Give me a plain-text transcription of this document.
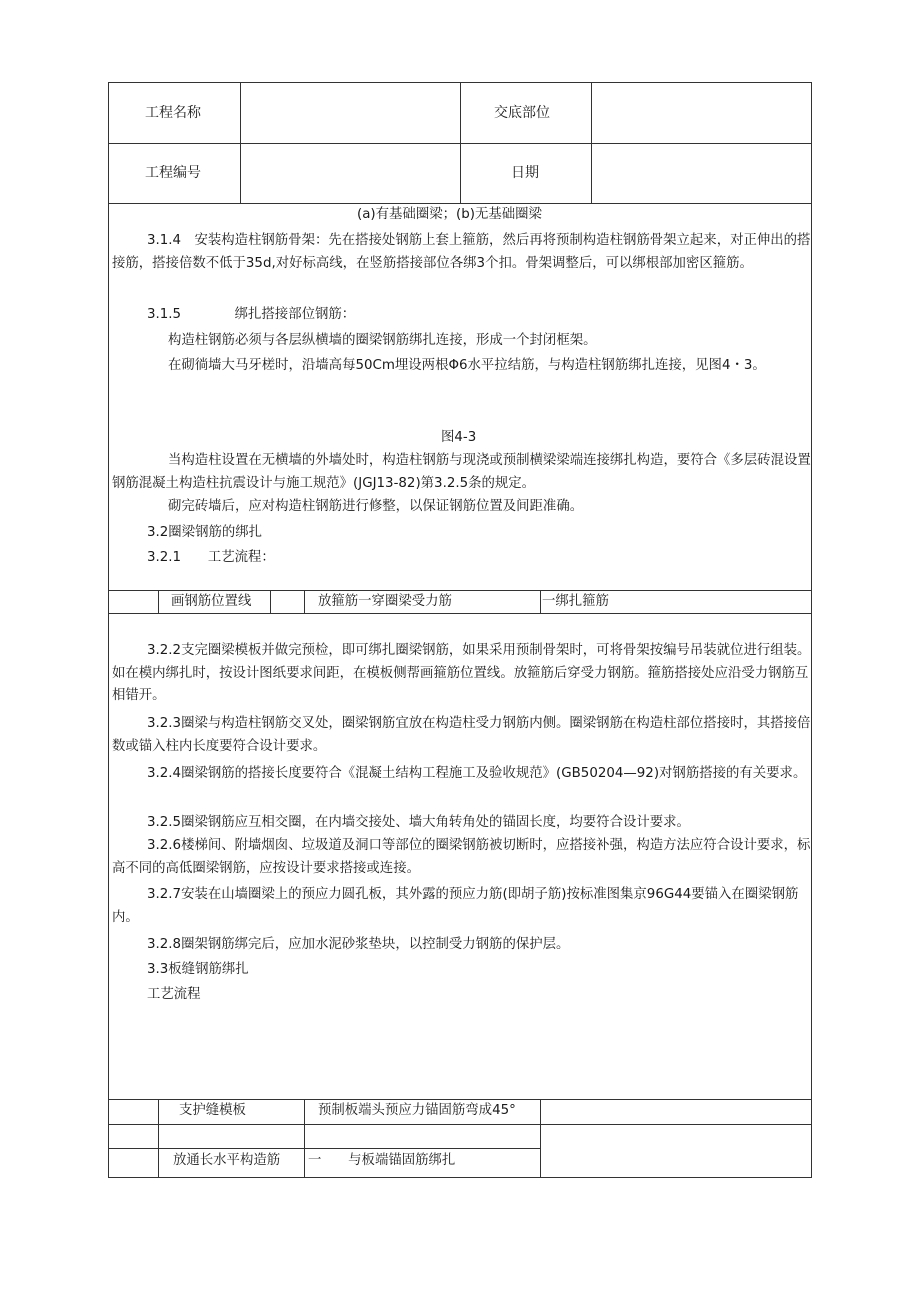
工程名称	交底部位
工程编号	日期
(a)有基础圈梁；(b)无基础圈梁
3.1.4　安装构造柱钢筋骨架：先在搭接处钢筋上套上箍筋，然后再将预制构造柱钢筋骨架立起来，对正伸出的搭接筋，搭接倍数不低于35d,对好标高线，在竖筋搭接部位各绑3个扣。骨架调整后，可以绑根部加密区箍筋。
3.1.5　　　　绑扎搭接部位钢筋：
构造柱钢筋必须与各层纵横墙的圈梁钢筋绑扎连接，形成一个封闭框架。
在砌徜墙大马牙槎时，沿墙高每50Cm埋设两根Φ6水平拉结筋，与构造柱钢筋绑扎连接，见图4・3。
图4-3
当构造柱设置在无横墙的外墙处时，构造柱钢筋与现浇或预制横梁梁端连接绑扎构造，要符合《多层砖混设置钢筋混凝土构造柱抗震设计与施工规范》(JGJ13-82)第3.2.5条的规定。
砌完砖墙后，应对构造柱钢筋进行修整，以保证钢筋位置及间距准确。
3.2圈梁钢筋的绑扎
3.2.1　　工艺流程：
画钢筋位置线	放箍筋一穿圈梁受力筋	一绑扎箍筋
3.2.2支完圈梁模板并做完预检，即可绑扎圈梁钢筋，如果采用预制骨架时，可将骨架按编号吊装就位进行组装。如在模内绑扎时，按设计图纸要求间距，在模板侧帮画箍筋位置线。放箍筋后穿受力钢筋。箍筋搭接处应沿受力钢筋互相错开。
3.2.3圈梁与构造柱钢筋交叉处，圈梁钢筋宜放在构造柱受力钢筋内侧。圈梁钢筋在构造柱部位搭接时，其搭接倍数或锚入柱内长度要符合设计要求。
3.2.4圈梁钢筋的搭接长度要符合《混凝土结构工程施工及验收规范》(GB50204—92)对钢筋搭接的有关要求。
3.2.5圈梁钢筋应互相交圈，在内墙交接处、墙大角转角处的锚固长度，均要符合设计要求。
3.2.6楼梯间、附墙烟囱、垃圾道及洞口等部位的圈梁钢筋被切断时，应搭接补强，构造方法应符合设计要求，标高不同的高低圈梁钢筋，应按设计要求搭接或连接。
3.2.7安装在山墙圈梁上的预应力圆孔板，其外露的预应力筋(即胡子筋)按标准图集京96G44要锚入在圈梁钢筋内。
3.2.8圈架钢筋绑完后，应加水泥砂浆垫块，以控制受力钢筋的保护层。
3.3板缝钢筋绑扎
工艺流程
支护缝模板	预制板端头预应力锚固筋弯成45°
放通长水平构造筋 一　　与板端锚固筋绑扎
